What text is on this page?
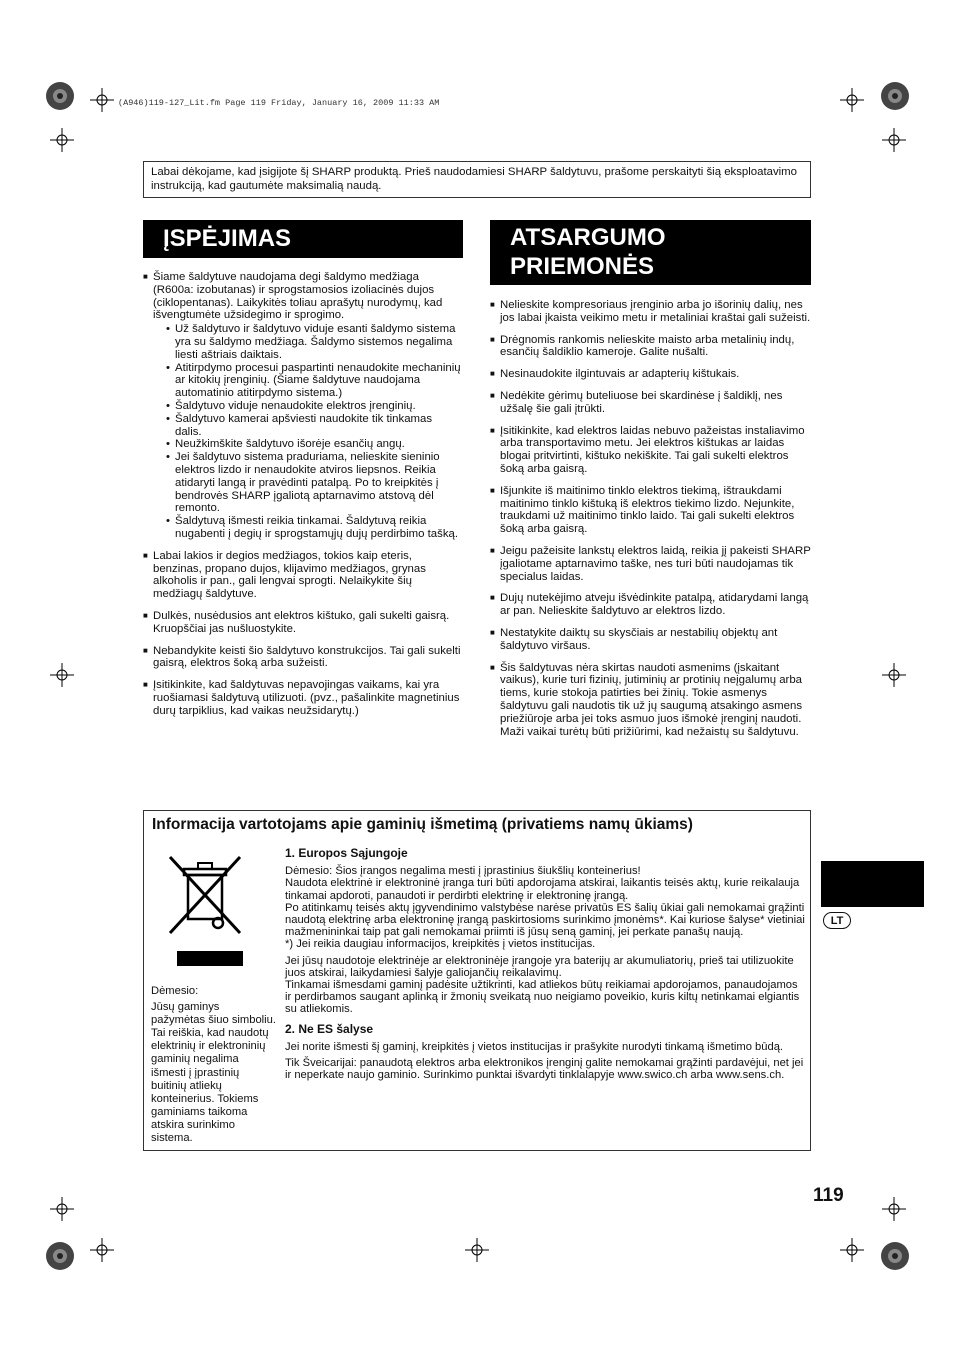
(A946)119-127_Lit.fm Page 119 Friday, January 16, 2009 11:33 AM
Labai dėkojame, kad įsigijote šį SHARP produktą. Prieš naudodamiesi SHARP šaldytuvu, prašome perskaityti šią eksploatavimo instrukciją, kad gautumėte maksimalią naudą.
ĮSPĖJIMAS
■ Šiame šaldytuve naudojama degi šaldymo medžiaga (R600a: izobutanas) ir sprogstamosios izoliacinės dujos (ciklopentanas). Laikykitės toliau aprašytų nurodymų, kad išvengtumėte užsidegimo ir sprogimo.
• Už šaldytuvo ir šaldytuvo viduje esanti šaldymo sistema yra su šaldymo medžiaga. Šaldymo sistemos negalima liesti aštriais daiktais.
• Atitirpdymo procesui paspartinti nenaudokite mechaninių ar kitokių įrenginių. (Šiame šaldytuve naudojama automatinio atitirpdymo sistema.)
• Šaldytuvo viduje nenaudokite elektros įrenginių.
• Šaldytuvo kamerai apšviesti naudokite tik tinkamas dalis.
• Neužkimškite šaldytuvo išorėje esančių angų.
• Jei šaldytuvo sistema praduriama, nelieskite sieninio elektros lizdo ir nenaudokite atviros liepsnos. Reikia atidaryti langą ir pravėdinti patalpą. Po to kreipkitės į bendrovės SHARP įgaliotą aptarnavimo atstovą dėl remonto.
• Šaldytuvą išmesti reikia tinkamai. Šaldytuvą reikia nugabenti į degių ir sprogstamųjų dujų perdirbimo tašką.
■ Labai lakios ir degios medžiagos, tokios kaip eteris, benzinas, propano dujos, klijavimo medžiagos, grynas alkoholis ir pan., gali lengvai sprogti. Nelaikykite šių medžiagų šaldytuve.
■ Dulkės, nusėdusios ant elektros kištuko, gali sukelti gaisrą. Kruopščiai jas nušluostykite.
■ Nebandykite keisti šio šaldytuvo konstrukcijos. Tai gali sukelti gaisrą, elektros šoką arba sužeisti.
■ Įsitikinkite, kad šaldytuvas nepavojingas vaikams, kai yra ruošiamasi šaldytuvą utilizuoti. (pvz., pašalinkite magnetinius durų tarpiklius, kad vaikas neužsidarytų.)
ATSARGUMO
PRIEMONĖS
■ Nelieskite kompresoriaus įrenginio arba jo išorinių dalių, nes jos labai įkaista veikimo metu ir metaliniai kraštai gali sužeisti.
■ Drėgnomis rankomis nelieskite maisto arba metalinių indų, esančių šaldiklio kameroje. Galite nušalti.
■ Nesinaudokite ilgintuvais ar adapterių kištukais.
■ Nedėkite gėrimų buteliuose bei skardinėse į šaldiklį, nes užšalę šie gali įtrūkti.
■ Įsitikinkite, kad elektros laidas nebuvo pažeistas instaliavimo arba transportavimo metu. Jei elektros kištukas ar laidas blogai pritvirtinti, kištuko nekiškite. Tai gali sukelti elektros šoką arba gaisrą.
■ Išjunkite iš maitinimo tinklo elektros tiekimą, ištraukdami maitinimo tinklo kištuką iš elektros tiekimo lizdo. Nejunkite, traukdami už maitinimo tinklo laido. Tai gali sukelti elektros šoką arba gaisrą.
■ Jeigu pažeisite lankstų elektros laidą, reikia jį pakeisti SHARP įgaliotame aptarnavimo taške, nes turi būti naudojamas tik specialus laidas.
■ Dujų nutekėjimo atveju išvėdinkite patalpą, atidarydami langą ar pan. Nelieskite šaldytuvo ar elektros lizdo.
■ Nestatykite daiktų su skysčiais ar nestabilių objektų ant šaldytuvo viršaus.
■ Šis šaldytuvas nėra skirtas naudoti asmenims (įskaitant vaikus), kurie turi fizinių, jutiminių ar protinių neįgalumų arba tiems, kurie stokoja patirties bei žinių. Tokie asmenys šaldytuvu gali naudotis tik už jų saugumą atsakingo asmens priežiūroje arba jei toks asmuo juos išmokė įrenginį naudoti. Maži vaikai turėtų būti prižiūrimi, kad nežaistų su šaldytuvu.
Informacija vartotojams apie gaminių išmetimą (privatiems namų ūkiams)
Dėmesio:
Jūsų gaminys pažymėtas šiuo simboliu. Tai reiškia, kad naudotų elektrinių ir elektroninių gaminių negalima išmesti į įprastinių buitinių atliekų konteinerius. Tokiems gaminiams taikoma atskira surinkimo sistema.
1. Europos Sąjungoje
Dėmesio: Šios įrangos negalima mesti į įprastinius šiukšlių konteinerius!
Naudota elektrinė ir elektroninė įranga turi būti apdorojama atskirai, laikantis teisės aktų, kurie reikalauja tinkamai apdoroti, panaudoti ir perdirbti elektrinę ir elektroninę įrangą.
Po atitinkamų teisės aktų įgyvendinimo valstybėse narėse privatūs ES šalių ūkiai gali nemokamai grąžinti naudotą elektrinę arba elektroninę įrangą paskirtosioms surinkimo įmonėms*. Kai kuriose šalyse* vietiniai mažmenininkai taip pat gali nemokamai priimti iš jūsų seną gaminį, jei perkate panašų naują.
*) Jei reikia daugiau informacijos, kreipkitės į vietos institucijas.
Jei jūsų naudotoje elektrinėje ar elektroninėje įrangoje yra baterijų ar akumuliatorių, prieš tai utilizuokite juos atskirai, laikydamiesi šalyje galiojančių reikalavimų.
Tinkamai išmesdami gaminį padėsite užtikrinti, kad atliekos būtų reikiamai apdorojamos, panaudojamos ir perdirbamos saugant aplinką ir žmonių sveikatą nuo neigiamo poveikio, kuris kiltų netinkamai elgiantis su atliekomis.
2. Ne ES šalyse
Jei norite išmesti šį gaminį, kreipkitės į vietos institucijas ir prašykite nurodyti tinkamą išmetimo būdą.
Tik Šveicarijai: panaudotą elektros arba elektronikos įrenginį galite nemokamai grąžinti pardavėjui, net jei ir neperkate naujo gaminio. Surinkimo punktai išvardyti tinklalapyje www.swico.ch arba www.sens.ch.
LT
119
